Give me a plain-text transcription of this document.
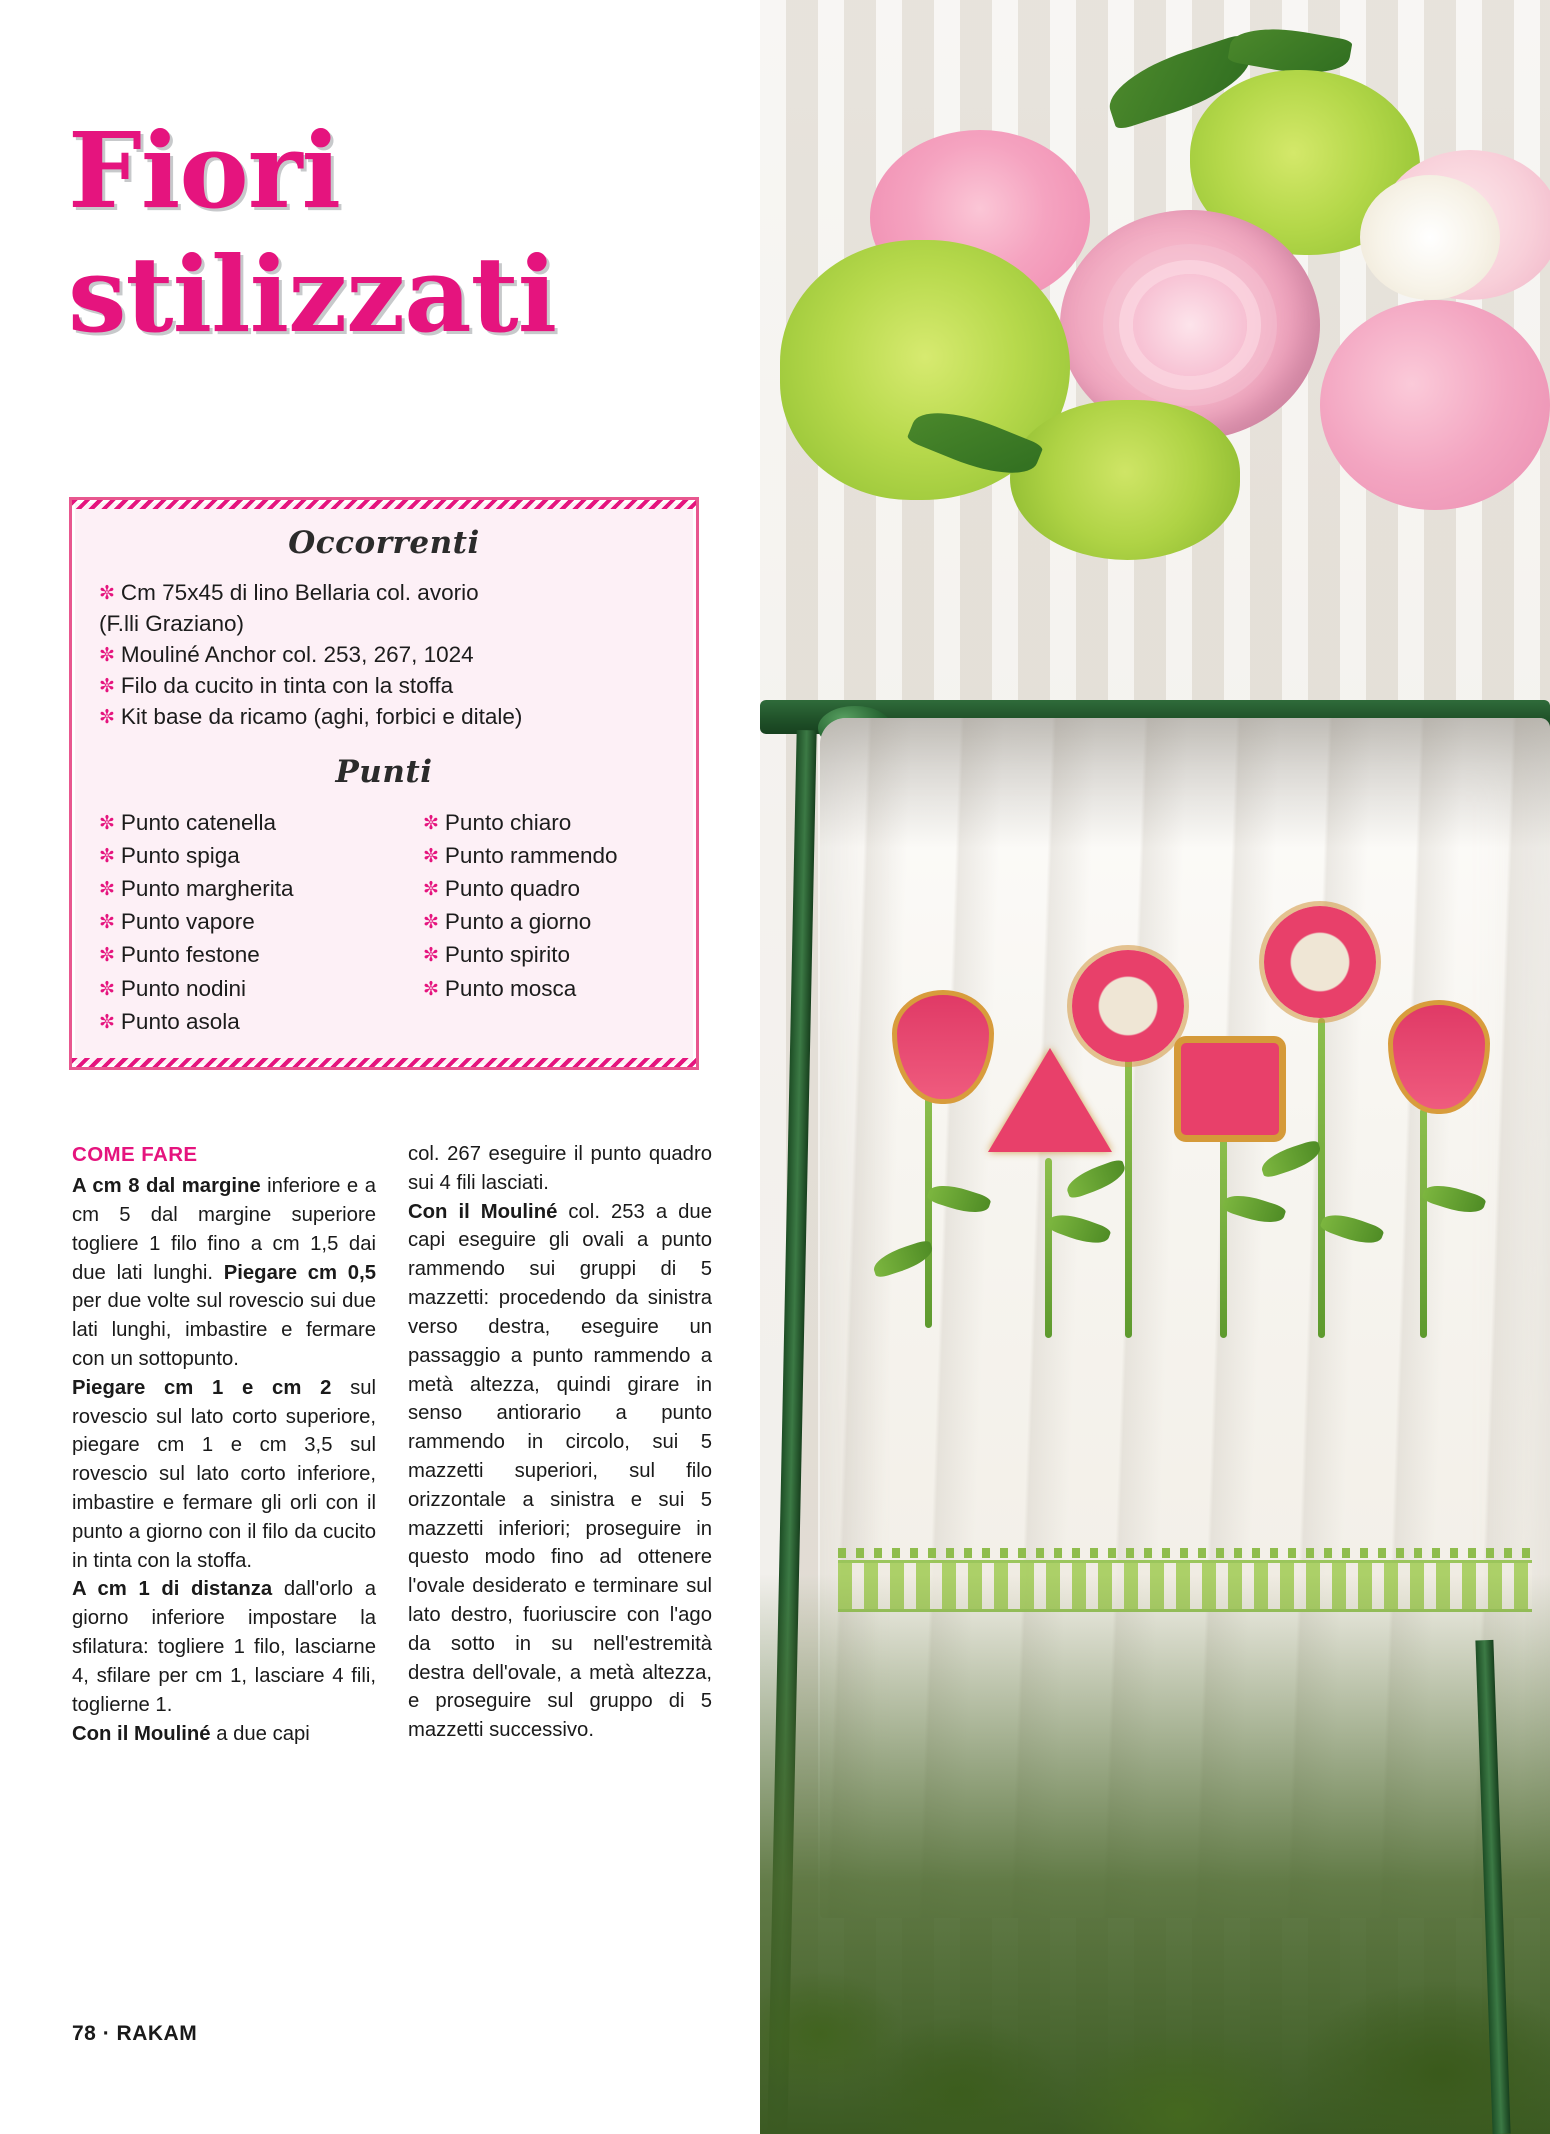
Fiori
stilizzati
Occorrenti
✼ Cm 75x45 di lino Bellaria col. avorio
(F.lli Graziano)
✼ Mouliné Anchor col. 253, 267, 1024
✼ Filo da cucito in tinta con la stoffa
✼ Kit base da ricamo (aghi, forbici e ditale)
Punti
✼ Punto catenella
✼ Punto spiga
✼ Punto margherita
✼ Punto vapore
✼ Punto festone
✼ Punto nodini
✼ Punto asola
✼ Punto chiaro
✼ Punto rammendo
✼ Punto quadro
✼ Punto a giorno
✼ Punto spirito
✼ Punto mosca
COME FARE

A cm 8 dal margine inferiore e a cm 5 dal margine superiore togliere 1 filo fino a cm 1,5 dai due lati lunghi. Piegare cm 0,5 per due volte sul rovescio sui due lati lunghi, imbastire e fermare con un sottopunto.

Piegare cm 1 e cm 2 sul rovescio sul lato corto superiore, piegare cm 1 e cm 3,5 sul rovescio sul lato corto inferiore, imbastire e fermare gli orli con il punto a giorno con il filo da cucito in tinta con la stoffa.

A cm 1 di distanza dall'orlo a giorno inferiore impostare la sfilatura: togliere 1 filo, lasciarne 4, sfilare per cm 1, lasciare 4 fili, toglierne 1.

Con il Mouliné a due capi

col. 267 eseguire il punto quadro sui 4 fili lasciati.

Con il Mouliné col. 253 a due capi eseguire gli ovali a punto rammendo sui gruppi di 5 mazzetti: procedendo da sinistra verso destra, eseguire un passaggio a punto rammendo a metà altezza, quindi girare in senso antiorario a punto rammendo in circolo, sui 5 mazzetti superiori, sul filo orizzontale a sinistra e sui 5 mazzetti inferiori; proseguire in questo modo fino ad ottenere l'ovale desiderato e terminare sul lato destro, fuoriuscire con l'ago da sotto in su nell'estremità destra dell'ovale, a metà altezza, e proseguire sul gruppo di 5 mazzetti successivo.

78 · RAKAM
